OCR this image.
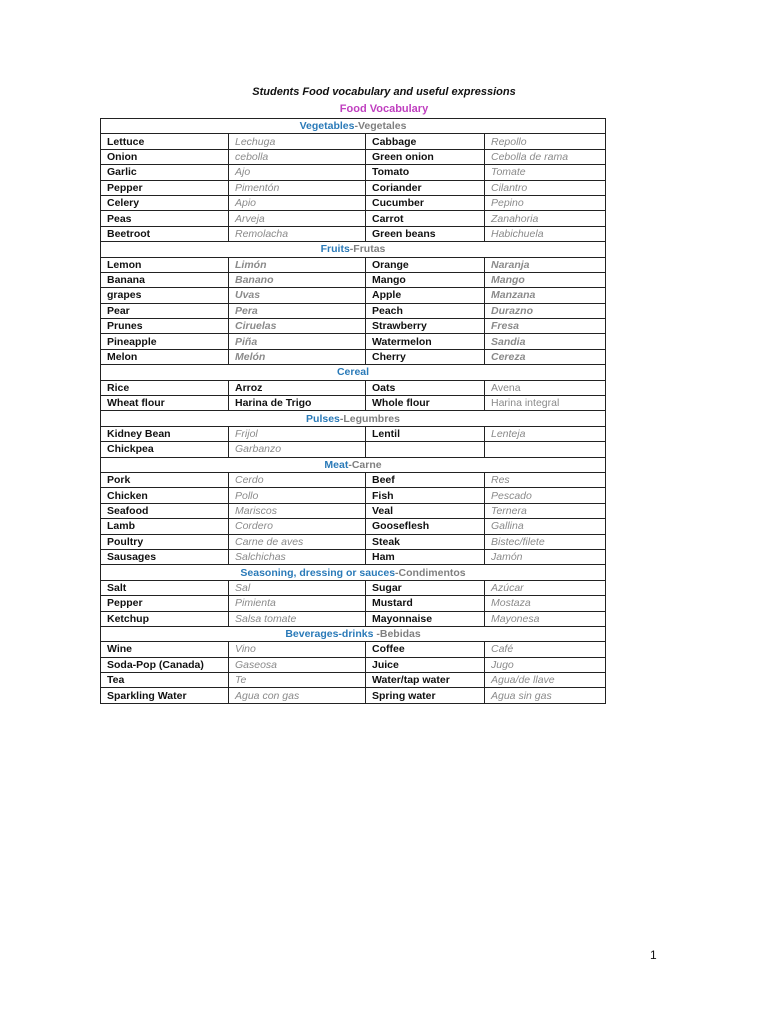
Students Food vocabulary and useful expressions
Food Vocabulary
Vegetables-Vegetales			
Lettuce	Lechuga	Cabbage	Repollo
Onion	cebolla	Green onion	Cebolla de rama
Garlic	Ajo	Tomato	Tomate
Pepper	Pimentón	Coriander	Cilantro
Celery	Apio	Cucumber	Pepino
Peas	Arveja	Carrot	Zanahoria
Beetroot	Remolacha	Green beans	Habichuela
Fruits-Frutas			
Lemon	Limón	Orange	Naranja
Banana	Banano	Mango	Mango
grapes	Uvas	Apple	Manzana
Pear	Pera	Peach	Durazno
Prunes	Ciruelas	Strawberry	Fresa
Pineapple	Piña	Watermelon	Sandia
Melon	Melón	Cherry	Cereza
Cereal			
Rice	Arroz	Oats	Avena
Wheat flour	Harina de Trigo	Whole flour	Harina integral
Pulses-Legumbres			
Kidney Bean	Frijol	Lentil	Lenteja
Chickpea	Garbanzo		
Meat-Carne			
Pork	Cerdo	Beef	Res
Chicken	Pollo	Fish	Pescado
Seafood	Mariscos	Veal	Ternera
Lamb	Cordero	Gooseflesh	Gallina
Poultry	Carne de aves	Steak	Bistec/filete
Sausages	Salchichas	Ham	Jamón
Seasoning, dressing or sauces-Condimentos			
Salt	Sal	Sugar	Azúcar
Pepper	Pimienta	Mustard	Mostaza
Ketchup	Salsa tomate	Mayonnaise	Mayonesa
Beverages-drinks -Bebidas			
Wine	Vino	Coffee	Café
Soda-Pop (Canada)	Gaseosa	Juice	Jugo
Tea	Te	Water/tap water	Agua/de llave
Sparkling Water	Agua con gas	Spring water	Agua sin gas
1
